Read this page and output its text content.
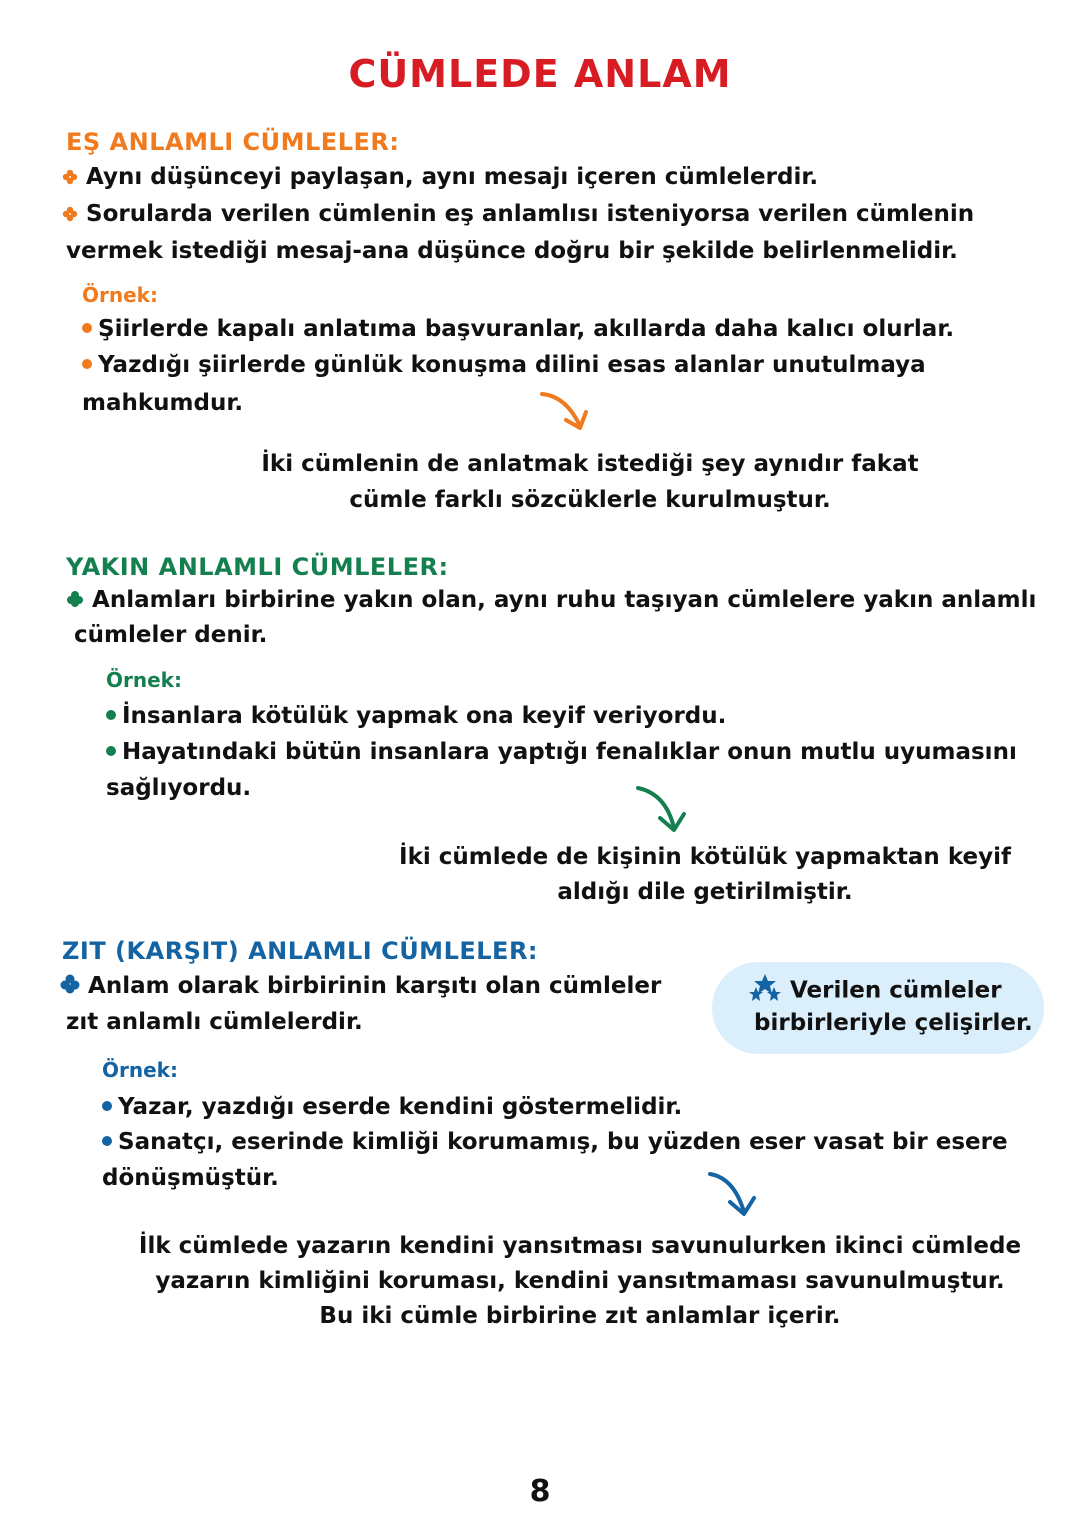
CÜMLEDE ANLAM
EŞ ANLAMLI CÜMLELER:
Aynı düşünceyi paylaşan, aynı mesajı içeren cümlelerdir.
Sorularda verilen cümlenin eş anlamlısı isteniyorsa verilen cümlenin
vermek istediği mesaj-ana düşünce doğru bir şekilde belirlenmelidir.
Örnek:
Şiirlerde kapalı anlatıma başvuranlar, akıllarda daha kalıcı olurlar.
Yazdığı şiirlerde günlük konuşma dilini esas alanlar unutulmaya
mahkumdur.
İki cümlenin de anlatmak istediği şey aynıdır fakat
cümle farklı sözcüklerle kurulmuştur.
YAKIN ANLAMLI CÜMLELER:
Anlamları birbirine yakın olan, aynı ruhu taşıyan cümlelere yakın anlamlı
cümleler denir.
Örnek:
İnsanlara kötülük yapmak ona keyif veriyordu.
Hayatındaki bütün insanlara yaptığı fenalıklar onun mutlu uyumasını
sağlıyordu.
İki cümlede de kişinin kötülük yapmaktan keyif
aldığı dile getirilmiştir.
ZIT (KARŞIT) ANLAMLI CÜMLELER:
Anlam olarak birbirinin karşıtı olan cümleler
zıt anlamlı cümlelerdir.
Verilen cümleler
birbirleriyle çelişirler.
Örnek:
Yazar, yazdığı eserde kendini göstermelidir.
Sanatçı, eserinde kimliği korumamış, bu yüzden eser vasat bir esere
dönüşmüştür.
İlk cümlede yazarın kendini yansıtması savunulurken ikinci cümlede
yazarın kimliğini koruması, kendini yansıtmaması savunulmuştur.
Bu iki cümle birbirine zıt anlamlar içerir.
8
